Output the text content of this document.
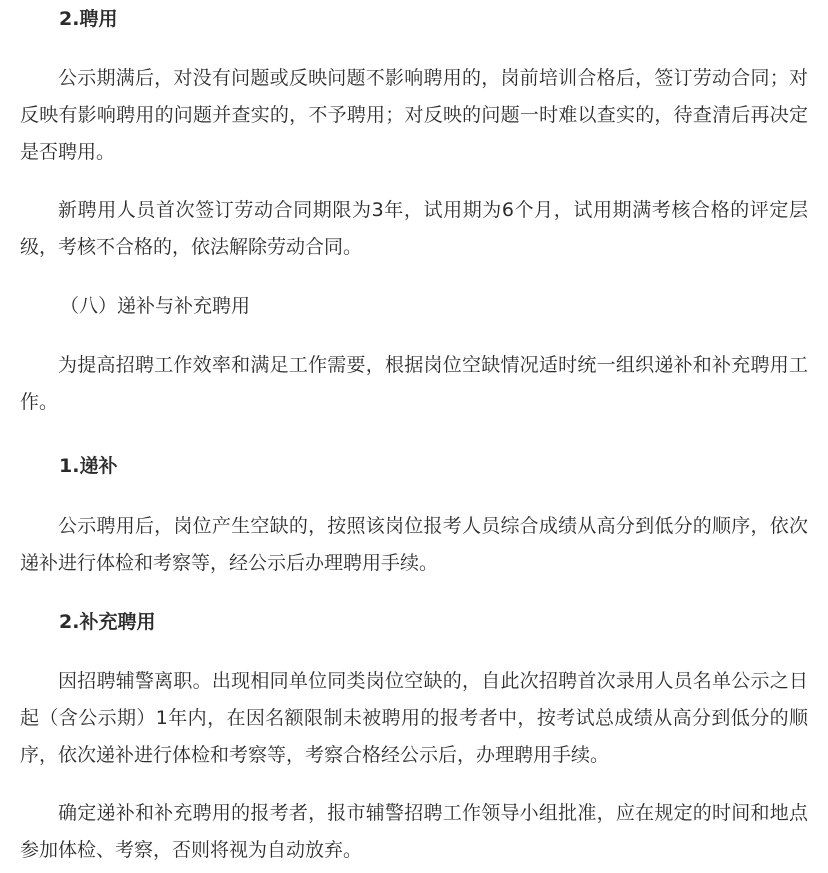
2.聘用

公示期满后，对没有问题或反映问题不影响聘用的，岗前培训合格后，签订劳动合同；对反映有影响聘用的问题并查实的，不予聘用；对反映的问题一时难以查实的，待查清后再决定是否聘用。

新聘用人员首次签订劳动合同期限为3年，试用期为6个月，试用期满考核合格的评定层级，考核不合格的，依法解除劳动合同。

（八）递补与补充聘用

为提高招聘工作效率和满足工作需要，根据岗位空缺情况适时统一组织递补和补充聘用工作。

1.递补

公示聘用后，岗位产生空缺的，按照该岗位报考人员综合成绩从高分到低分的顺序，依次递补进行体检和考察等，经公示后办理聘用手续。

2.补充聘用

因招聘辅警离职。出现相同单位同类岗位空缺的，自此次招聘首次录用人员名单公示之日起（含公示期）1年内，在因名额限制未被聘用的报考者中，按考试总成绩从高分到低分的顺序，依次递补进行体检和考察等，考察合格经公示后，办理聘用手续。

确定递补和补充聘用的报考者，报市辅警招聘工作领导小组批准，应在规定的时间和地点参加体检、考察，否则将视为自动放弃。
